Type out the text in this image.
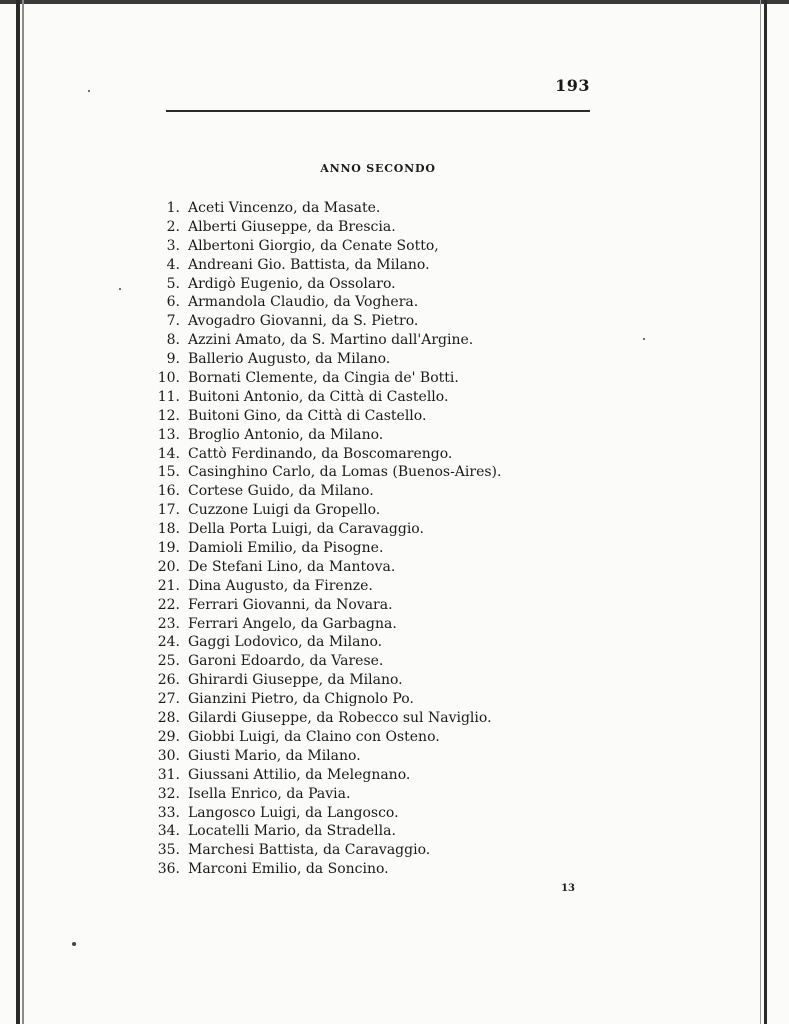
193
ANNO SECONDO
1. Aceti Vincenzo, da Masate.
2. Alberti Giuseppe, da Brescia.
3. Albertoni Giorgio, da Cenate Sotto,
4. Andreani Gio. Battista, da Milano.
5. Ardigò Eugenio, da Ossolaro.
6. Armandola Claudio, da Voghera.
7. Avogadro Giovanni, da S. Pietro.
8. Azzini Amato, da S. Martino dall'Argine.
9. Ballerio Augusto, da Milano.
10. Bornati Clemente, da Cingia de' Botti.
11. Buitoni Antonio, da Città di Castello.
12. Buitoni Gino, da Città di Castello.
13. Broglio Antonio, da Milano.
14. Cattò Ferdinando, da Boscomarengo.
15. Casinghino Carlo, da Lomas (Buenos-Aires).
16. Cortese Guido, da Milano.
17. Cuzzone Luigi da Gropello.
18. Della Porta Luigi, da Caravaggio.
19. Damioli Emilio, da Pisogne.
20. De Stefani Lino, da Mantova.
21. Dina Augusto, da Firenze.
22. Ferrari Giovanni, da Novara.
23. Ferrari Angelo, da Garbagna.
24. Gaggi Lodovico, da Milano.
25. Garoni Edoardo, da Varese.
26. Ghirardi Giuseppe, da Milano.
27. Gianzini Pietro, da Chignolo Po.
28. Gilardi Giuseppe, da Robecco sul Naviglio.
29. Giobbi Luigi, da Claino con Osteno.
30. Giusti Mario, da Milano.
31. Giussani Attilio, da Melegnano.
32. Isella Enrico, da Pavia.
33. Langosco Luigi, da Langosco.
34. Locatelli Mario, da Stradella.
35. Marchesi Battista, da Caravaggio.
36. Marconi Emilio, da Soncino.
13
